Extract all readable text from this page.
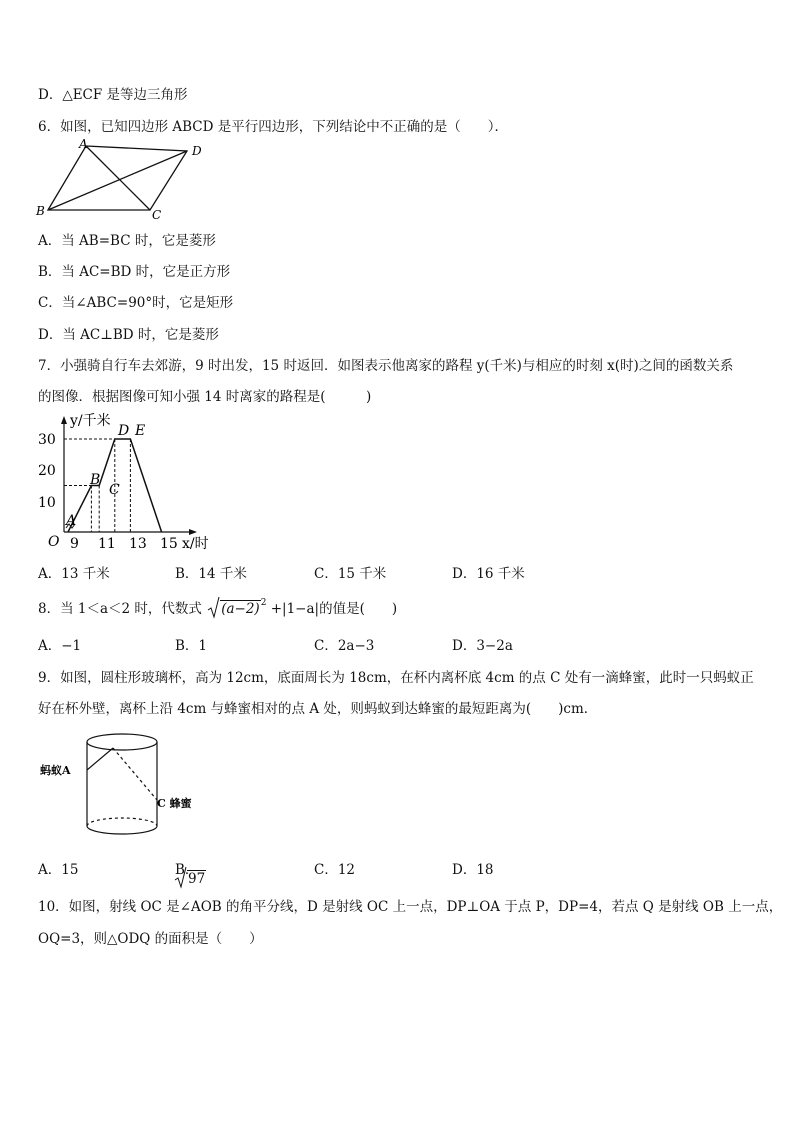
D．△ECF 是等边三角形
6．如图，已知四边形 ABCD 是平行四边形，下列结论中不正确的是（　　）．
A	D
B	C
A．当 AB=BC 时，它是菱形
B．当 AC=BD 时，它是正方形
C．当∠ABC=90°时，它是矩形
D．当 AC⊥BD 时，它是菱形
7．小强骑自行车去郊游，9 时出发，15 时返回．如图表示他离家的路程 y(千米)与相应的时刻 x(时)之间的函数关系
的图像．根据图像可知小强 14 时离家的路程是(　　　)
y/千米
x/时
O
30
20
10
9 11 13 15
A
B
C
D E
A．13 千米	B．14 千米	C．15 千米	D．16 千米
8．当 1＜a＜2 时，代数式 $(a-2)^2 +|1-a|$的值是(　　)
A．−1	B．1	C．2a−3	D．3−2a
9．如图，圆柱形玻璃杯，高为 12cm，底面周长为 18cm，在杯内离杯底 4cm 的点 C 处有一滴蜂蜜，此时一只蚂蚁正
好在杯外壁，离杯上沿 4cm 与蜂蜜相对的点 A 处，则蚂蚁到达蜂蜜的最短距离为(　　)cm．
蚂蚁A
C 蜂蜜
A．15	B．
97
C．12	D．18
10．如图，射线 OC 是∠AOB 的角平分线，D 是射线 OC 上一点，DP⊥OA 于点 P，DP=4，若点 Q 是射线 OB 上一点，
OQ=3，则△ODQ 的面积是（　　）
